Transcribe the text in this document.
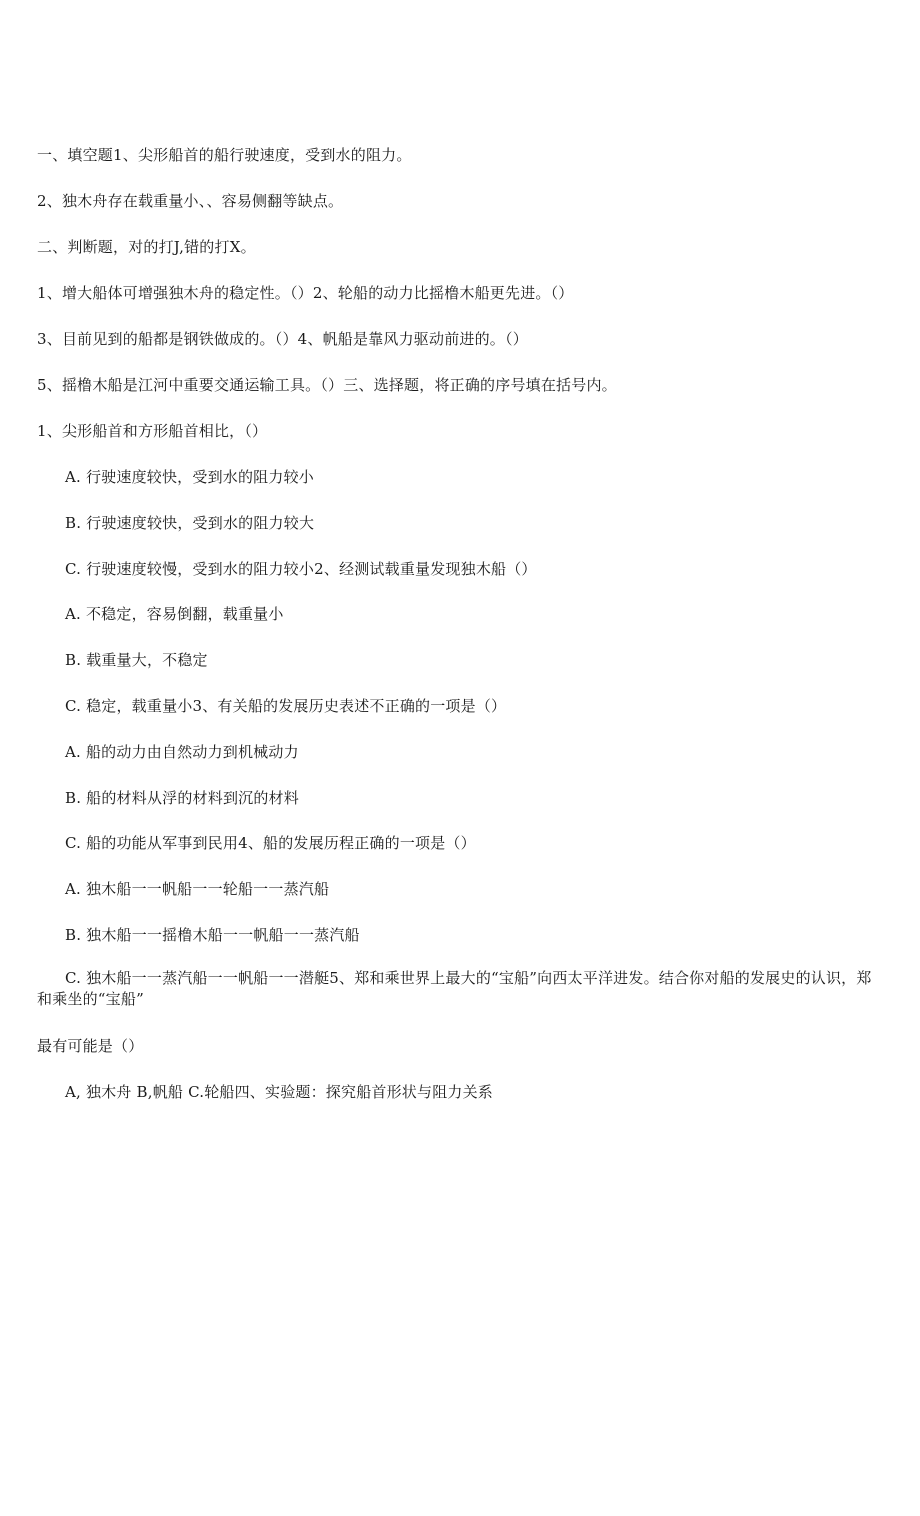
一、填空题1、尖形船首的船行驶速度，受到水的阻力。
2、独木舟存在载重量小、、容易侧翻等缺点。
二、判断题，对的打J,错的打X。
1、增大船体可增强独木舟的稳定性。（）2、轮船的动力比摇橹木船更先进。（）
3、目前见到的船都是钢铁做成的。（）4、帆船是靠风力驱动前进的。（）
5、摇橹木船是江河中重要交通运输工具。（）三、选择题，将正确的序号填在括号内。
1、尖形船首和方形船首相比，（）
A. 行驶速度较快，受到水的阻力较小
B. 行驶速度较快，受到水的阻力较大
C. 行驶速度较慢，受到水的阻力较小2、经测试载重量发现独木船（）
A. 不稳定，容易倒翻，载重量小
B. 载重量大，不稳定
C. 稳定，载重量小3、有关船的发展历史表述不正确的一项是（）
A. 船的动力由自然动力到机械动力
B. 船的材料从浮的材料到沉的材料
C. 船的功能从军事到民用4、船的发展历程正确的一项是（）
A. 独木船一一帆船一一轮船一一蒸汽船
B. 独木船一一摇橹木船一一帆船一一蒸汽船
C. 独木船一一蒸汽船一一帆船一一潜艇5、郑和乘世界上最大的“宝船”向西太平洋进发。结合你对船的发展史的认识，郑和乘坐的“宝船”
最有可能是（）
A, 独木舟 B,帆船 C.轮船四、实验题：探究船首形状与阻力关系
